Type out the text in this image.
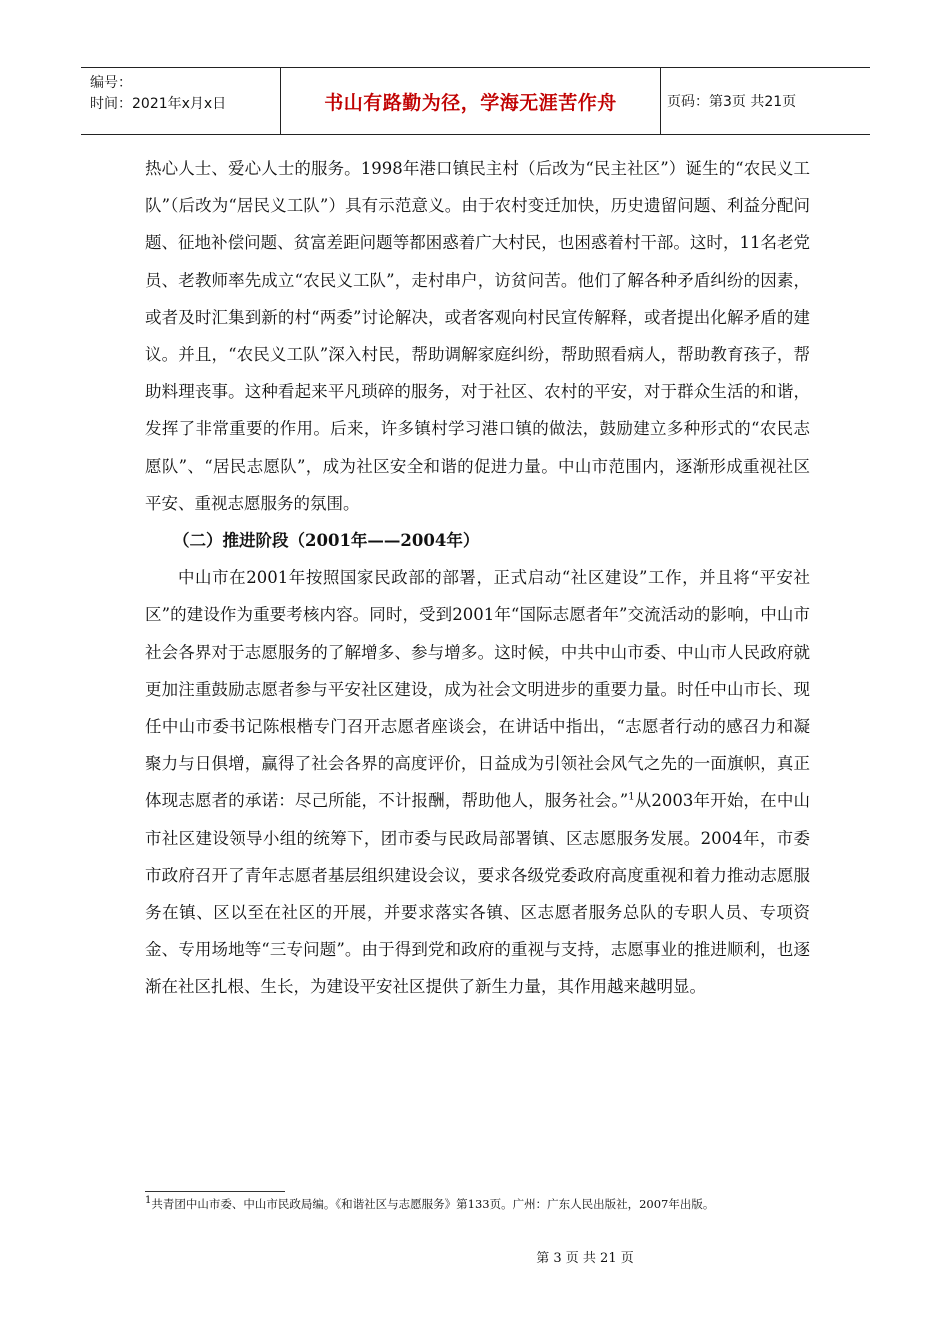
编号：
时间：2021年x月x日	书山有路勤为径，学海无涯苦作舟	页码：第3页 共21页

热心人士、爱心人士的服务。1998年港口镇民主村（后改为“民主社区”）诞生的“农民义工队”（后改为“居民义工队”）具有示范意义。由于农村变迁加快，历史遗留问题、利益分配问题、征地补偿问题、贫富差距问题等都困惑着广大村民，也困惑着村干部。这时，11名老党员、老教师率先成立“农民义工队”，走村串户，访贫问苦。他们了解各种矛盾纠纷的因素，或者及时汇集到新的村“两委”讨论解决，或者客观向村民宣传解释，或者提出化解矛盾的建议。并且，“农民义工队”深入村民，帮助调解家庭纠纷，帮助照看病人，帮助教育孩子，帮助料理丧事。这种看起来平凡琐碎的服务，对于社区、农村的平安，对于群众生活的和谐，发挥了非常重要的作用。后来，许多镇村学习港口镇的做法，鼓励建立多种形式的“农民志愿队”、“居民志愿队”，成为社区安全和谐的促进力量。中山市范围内，逐渐形成重视社区平安、重视志愿服务的氛围。

（二）推进阶段（2001年——2004年）

中山市在2001年按照国家民政部的部署，正式启动“社区建设”工作，并且将“平安社区”的建设作为重要考核内容。同时，受到2001年“国际志愿者年”交流活动的影响，中山市社会各界对于志愿服务的了解增多、参与增多。这时候，中共中山市委、中山市人民政府就更加注重鼓励志愿者参与平安社区建设，成为社会文明进步的重要力量。时任中山市长、现任中山市委书记陈根楷专门召开志愿者座谈会，在讲话中指出，“志愿者行动的感召力和凝聚力与日俱增，赢得了社会各界的高度评价，日益成为引领社会风气之先的一面旗帜，真正体现志愿者的承诺：尽己所能，不计报酬，帮助他人，服务社会。”$^1$从2003年开始，在中山市社区建设领导小组的统筹下，团市委与民政局部署镇、区志愿服务发展。2004年，市委市政府召开了青年志愿者基层组织建设会议，要求各级党委政府高度重视和着力推动志愿服务在镇、区以至在社区的开展，并要求落实各镇、区志愿者服务总队的专职人员、专项资金、专用场地等“三专问题”。由于得到党和政府的重视与支持，志愿事业的推进顺利，也逐渐在社区扎根、生长，为建设平安社区提供了新生力量，其作用越来越明显。

$^1$共青团中山市委、中山市民政局编。《和谐社区与志愿服务》第133页。广州：广东人民出版社，2007年出版。
第 3 页 共 21 页
